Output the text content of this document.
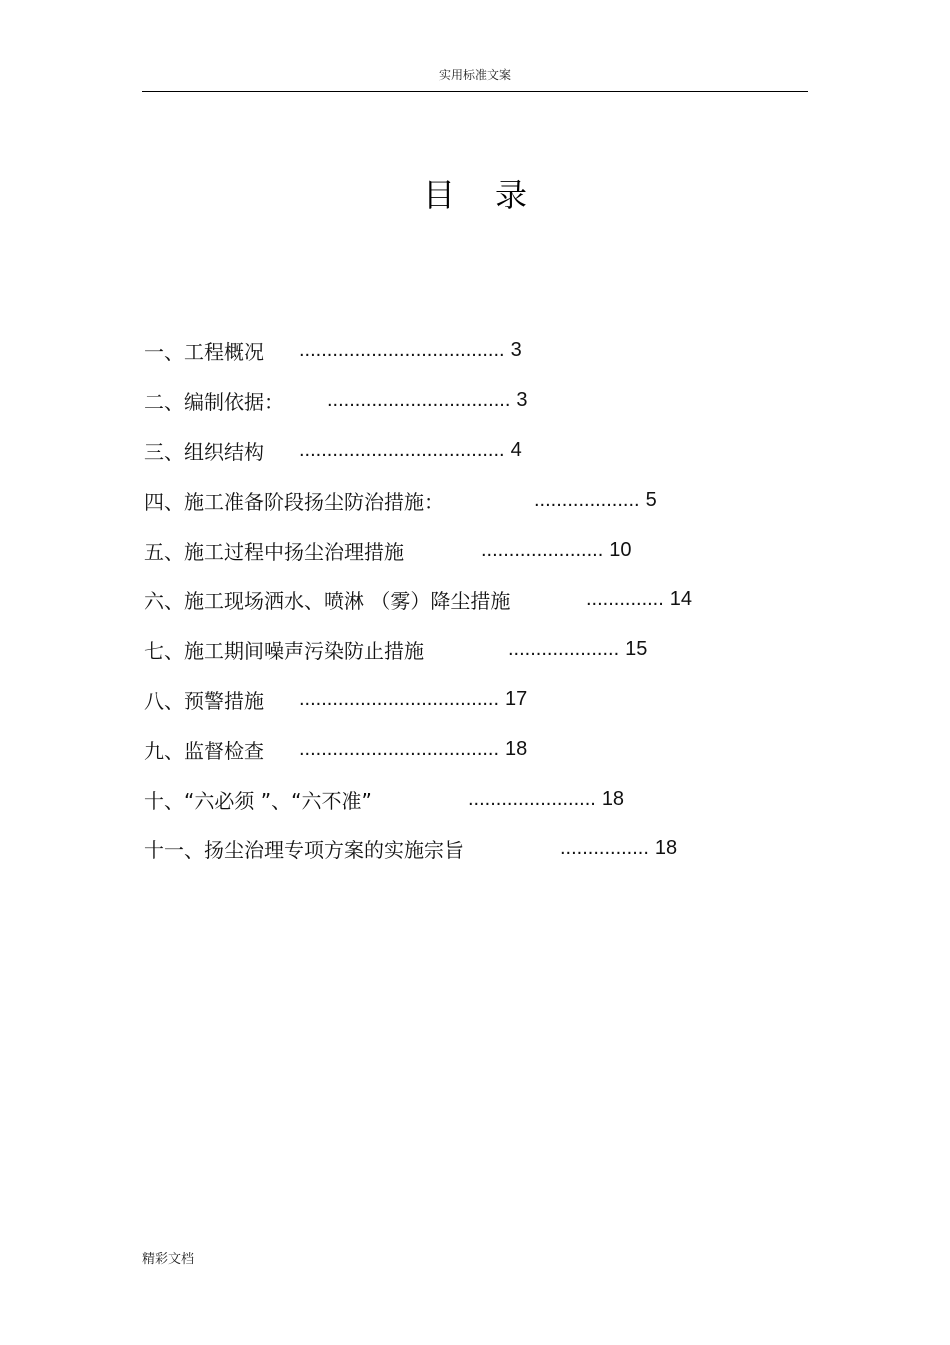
实用标准文案
目录
一、工程概况	..................................... 3
二、编制依据：	................................. 3
三、组织结构	..................................... 4
四、施工准备阶段扬尘防治措施：	................... 5
五、施工过程中扬尘治理措施	...................... 10
六、施工现场洒水、喷淋 （雾）降尘措施	.............. 14
七、施工期间噪声污染防止措施	.................... 15
八、预警措施	.................................... 17
九、监督检查	.................................... 18
十、“六必须 ”、“六不准”	....................... 18
十一、扬尘治理专项方案的实施宗旨	................ 18
精彩文档
